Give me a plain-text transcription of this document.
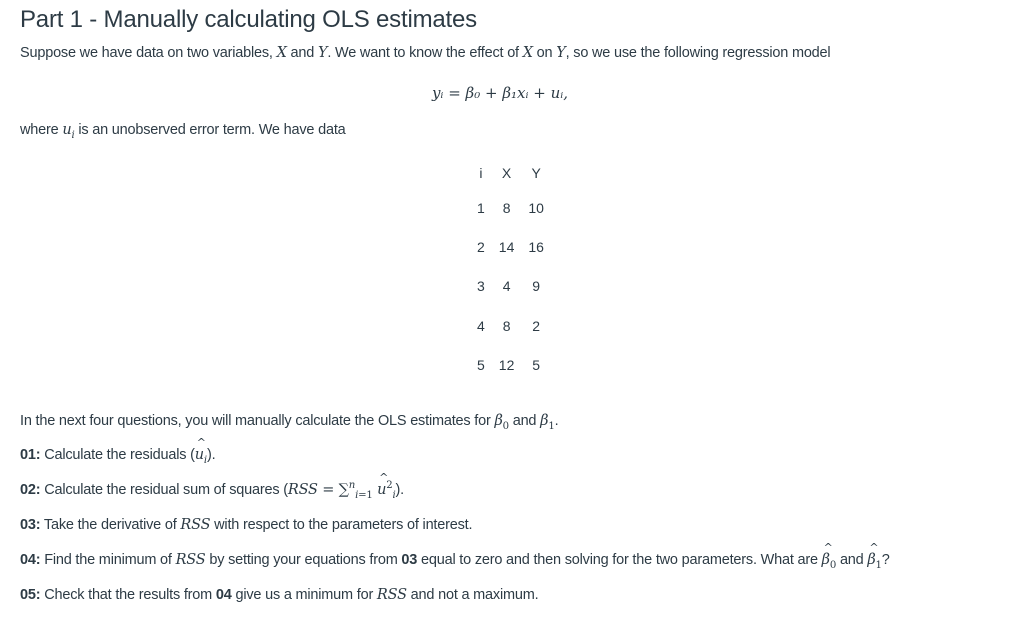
Part 1 - Manually calculating OLS estimates
Suppose we have data on two variables, X and Y. We want to know the effect of X on Y, so we use the following regression model
yᵢ = β₀ + β₁xᵢ + uᵢ,
where $u_i$ is an unobserved error term. We have data
i	X	Y
1	8	10
2	14	16
3	4	9
4	8	2
5	12	5
In the next four questions, you will manually calculate the OLS estimates for $\beta_0$ and $\beta_1$.
01: Calculate the residuals (^ $u_i$).
02: Calculate the residual sum of squares (RSS = ∑$^n_{i=1}$ ^ $u^2_i$).
03: Take the derivative of RSS with respect to the parameters of interest.
04: Find the minimum of RSS by setting your equations from 03 equal to zero and then solving for the two parameters. What are ^ $\beta_0$ and ^ $\beta_1$?
05: Check that the results from 04 give us a minimum for RSS and not a maximum.
